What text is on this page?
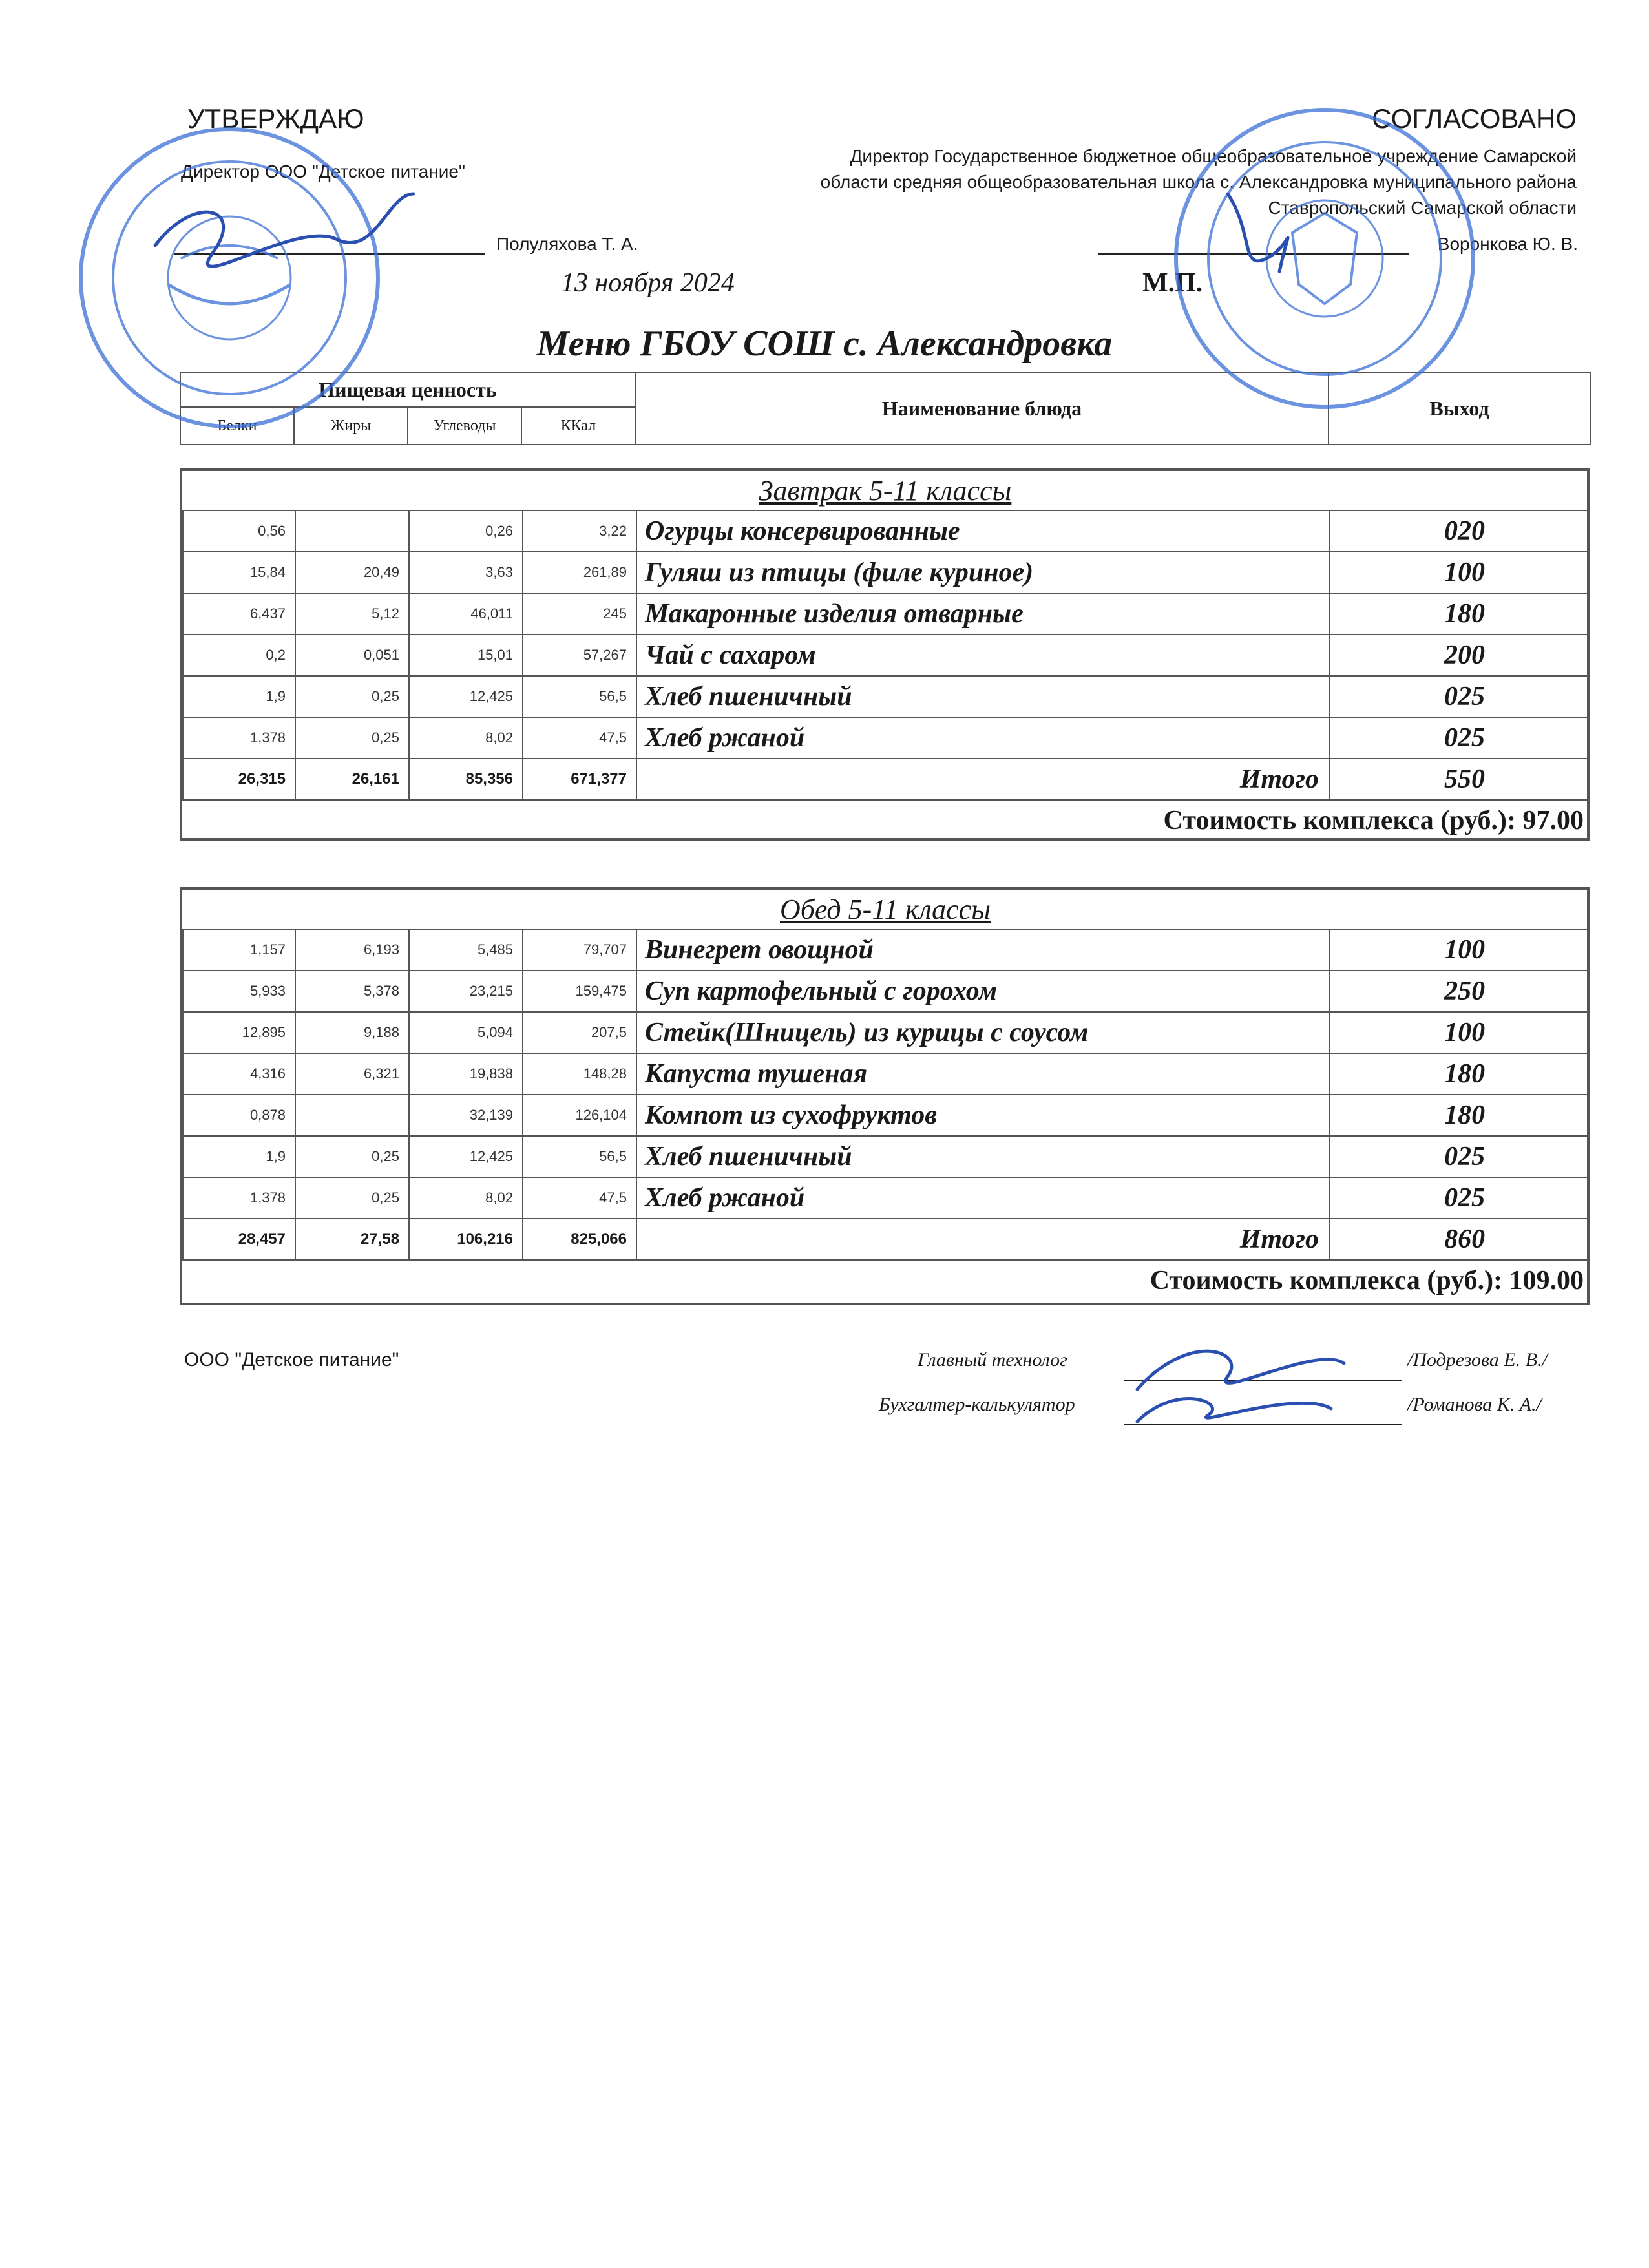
УТВЕРЖДАЮ
Директор ООО "Детское питание"
Полуляхова Т. А.
13 ноября 2024
СОГЛАСОВАНО
Директор Государственное бюджетное общеобразовательное учреждение Самарской области средняя общеобразовательная школа с. Александровка муниципального района Ставропольский Самарской области
Воронкова Ю. В.
М.П.
Меню ГБОУ СОШ с. Александровка
Пищевая ценность				Наименование блюда	Выход
Белки	Жиры	Углеводы	ККал		
Завтрак 5-11 классы					
0,56		0,26	3,22	Огурцы консервированные	020
15,84	20,49	3,63	261,89	Гуляш из птицы (филе куриное)	100
6,437	5,12	46,011	245	Макаронные изделия отварные	180
0,2	0,051	15,01	57,267	Чай с сахаром	200
1,9	0,25	12,425	56,5	Хлеб пшеничный	025
1,378	0,25	8,02	47,5	Хлеб ржаной	025
26,315	26,161	85,356	671,377	Итого	550
Стоимость комплекса (руб.): 97.00					
Обед 5-11 классы					
1,157	6,193	5,485	79,707	Винегрет овощной	100
5,933	5,378	23,215	159,475	Суп картофельный с горохом	250
12,895	9,188	5,094	207,5	Стейк(Шницель) из курицы с соусом	100
4,316	6,321	19,838	148,28	Капуста тушеная	180
0,878		32,139	126,104	Компот из сухофруктов	180
1,9	0,25	12,425	56,5	Хлеб пшеничный	025
1,378	0,25	8,02	47,5	Хлеб ржаной	025
28,457	27,58	106,216	825,066	Итого	860
Стоимость комплекса (руб.): 109.00					
ООО "Детское питание"	Главный технолог	/Подрезова Е. В./
Бухгалтер-калькулятор	/Романова К. А./
